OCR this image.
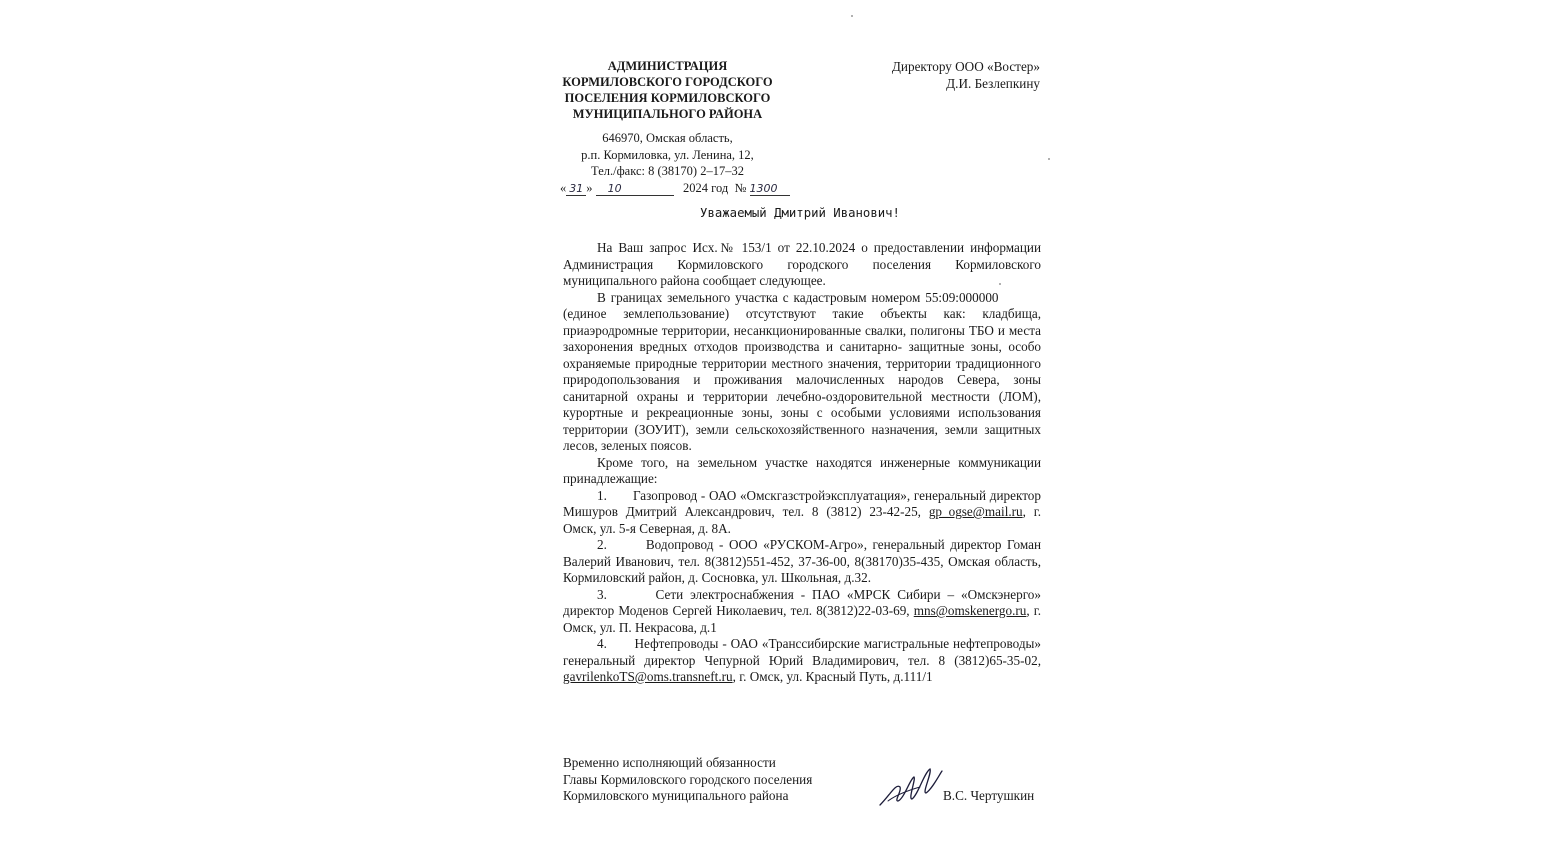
АДМИНИСТРАЦИЯ
КОРМИЛОВСКОГО ГОРОДСКОГО
ПОСЕЛЕНИЯ КОРМИЛОВСКОГО
МУНИЦИПАЛЬНОГО РАЙОНА
646970, Омская область,
р.п. Кормиловка, ул. Ленина, 12,
Тел./факс: 8 (38170) 2–17–32
Директору ООО «Востер»
Д.И. Безлепкину
« 31 » 10	2024 год № 1300
Уважаемый Дмитрий Иванович!

На Ваш запрос Исх.№ 153/1 от 22.10.2024 о предоставлении информации Администрация Кормиловского городского поселения Кормиловского муниципального района сообщает следующее.

В границах земельного участка с кадастровым номером 55:09:000000          (единое землепользование) отсутствуют такие объекты как: кладбища, приаэродромные территории, несанкционированные свалки, полигоны ТБО и места захоронения вредных отходов производства и санитарно- защитные зоны, особо охраняемые природные территории местного значения, территории традиционного природопользования и проживания малочисленных народов Севера, зоны санитарной охраны и территории лечебно-оздоровительной местности (ЛОМ), курортные и рекреационные зоны, зоны с особыми условиями использования территории (ЗОУИТ), земли сельскохозяйственного назначения, земли защитных лесов, зеленых поясов.

Кроме того, на земельном участке находятся инженерные коммуникации принадлежащие:

1. Газопровод - ОАО «Омскгазстройэксплуатация», генеральный директор Мишуров Дмитрий Александрович, тел. 8 (3812) 23-42-25, gp_ogse@mail.ru, г. Омск, ул. 5-я Северная, д. 8А.

2.	Водопровод - ООО «РУСКОМ-Агро», генеральный директор Гоман Валерий Иванович, тел. 8(3812)551-452, 37-36-00, 8(38170)35-435, Омская область, Кормиловский район, д. Сосновка, ул. Школьная, д.32.

3.	Сети электроснабжения - ПАО «МРСК Сибири – «Омскэнерго» директор Моденов Сергей Николаевич, тел. 8(3812)22-03-69, mns@omskenergo.ru, г. Омск, ул. П. Некрасова, д.1

4. Нефтепроводы - ОАО «Транссибирские магистральные нефтепроводы» генеральный директор Чепурной Юрий Владимирович, тел. 8 (3812)65-35-02, gavrilenkoTS@oms.transneft.ru, г. Омск, ул. Красный Путь, д.111/1

Временно исполняющий обязанности
Главы Кормиловского городского поселения
Кормиловского муниципального района	В.С. Чертушкин
